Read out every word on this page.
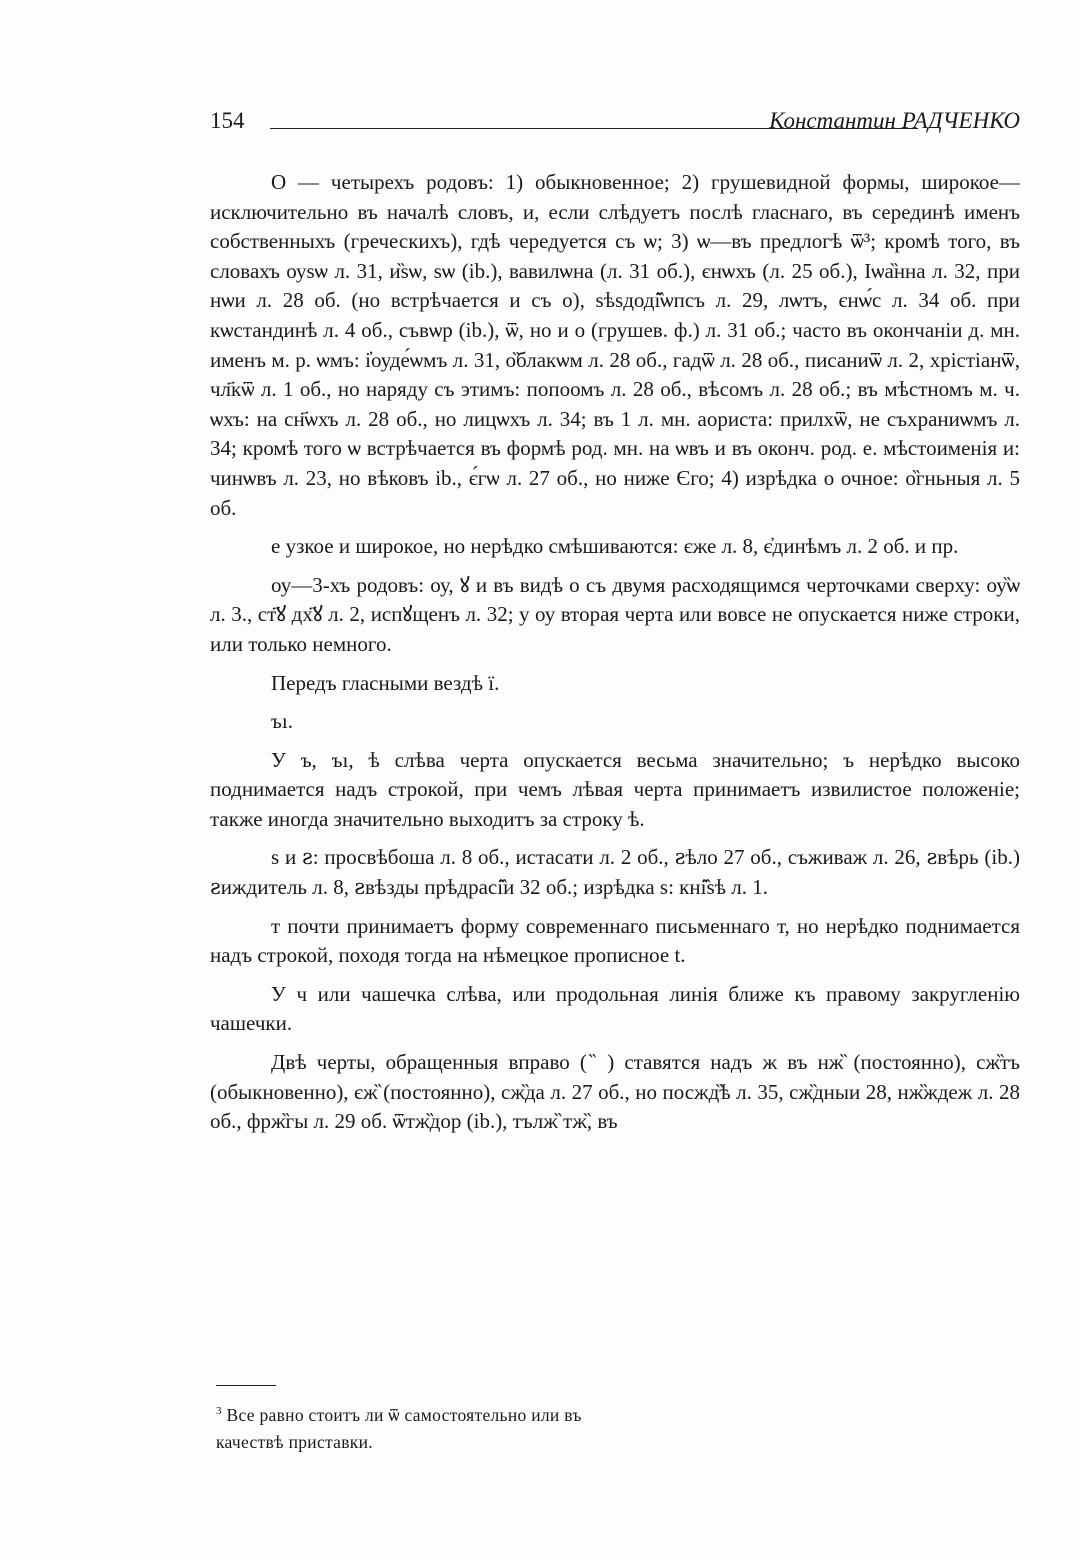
154	Константин РАДЧЕНКО

O — четырехъ родовъ: 1) обыкновенное; 2) грушевидной формы, широкое—исключительно въ началѣ словъ, и, если слѣдуетъ послѣ гласнаго, въ серединѣ именъ собственныхъ (греческихъ), гдѣ чередуется съ ѡ; 3) ѡ—въ предлогѣ ѿ³; кромѣ того, въ словахъ оуѕѡ л. 31, и̏ѕѡ, ѕѡ (ib.), вавилѡна (л. 31 об.), єнѡхъ (л. 25 об.), Іѡа̏нна л. 32, при нѡи л. 28 об. (но встрѣчается и съ о), ѕѣѕдоді̇̏ѡпсъ л. 29, лѡтъ, єнѡ́с л. 34 об. при кѡстандинѣ л. 4 об., съвѡр (ib.), ѿ, но и о (грушев. ф.) л. 31 об.; часто въ окончаніи д. мн. именъ м. р. ѡмъ: і̓оуде́ѡмъ л. 31, о̏блакѡм л. 28 об., гадѿ л. 28 об., писаниѿ л. 2, хрістіанѿ, чл҃кѿ л. 1 об., но наряду съ этимъ: попоомъ л. 28 об., вѣсомъ л. 28 об.; въ мѣстномъ м. ч. ѡхъ: на сн҃ѡхъ л. 28 об., но лицѡхъ л. 34; въ 1 л. мн. аориста: прилхѿ, не съхраниѡмъ л. 34; кромѣ того ѡ встрѣчается въ формѣ род. мн. на ѡвъ и въ оконч. род. е. мѣстоименія и: чинѡвъ л. 23, но вѣковъ ib., є́гѡ л. 27 об., но ниже Єго; 4) изрѣдка о очное: о̏гньныя л. 5 об.

е узкое и широкое, но нерѣдко смѣшиваются: єже л. 8, є̓динѣмъ л. 2 об. и пр.

оу—3-хъ родовъ: оу, ꙋ и въ видѣ о съ двумя расходящимся черточками сверху: оу̏ѡ л. 3., ст҃ꙋ дх҃ꙋ л. 2, испꙋщенъ л. 32; у оу вторая черта или вовсе не опускается ниже строки, или только немного.

Передъ гласными вездѣ ї.

ъı.

У ъ, ъı, ѣ слѣва черта опускается весьма значительно; ъ нерѣдко высоко поднимается надъ строкой, при чемъ лѣвая черта принимаетъ извилистое положеніе; также иногда значительно выходитъ за строку ѣ.

ѕ и ꙅ: просвѣбоша л. 8 об., истасати л. 2 об., ꙅѣло 27 об., съживаж л. 26, ꙅвѣрь (ib.) ꙅиждитель л. 8, ꙅвѣзды прѣдрасі̇̏и 32 об.; изрѣдка ѕ: кні̇̏ѕѣ л. 1.

т почти принимаетъ форму современнаго письменнаго т, но нерѣдко поднимается надъ строкой, походя тогда на нѣмецкое прописное t.

У ч или чашечка слѣва, или продольная линія ближе къ правому закругленію чашечки.

Двѣ черты, обращенныя вправо ( ̏ ) ставятся надъ ж въ нж̏ (постоянно), сж̏тъ (обыкновенно), єж̏ (постоянно), сж̏да л. 27 об., но посжд̏ѣ л. 35, сж̏дныи 28, нж̏ждеж л. 28 об., фрж̏гы л. 29 об. ѿтж̏дор (ib.), тълж̏ тж̏, въ

$^3$ Все равно стоитъ ли ѿ самостоятельно или въ качествѣ приставки.
